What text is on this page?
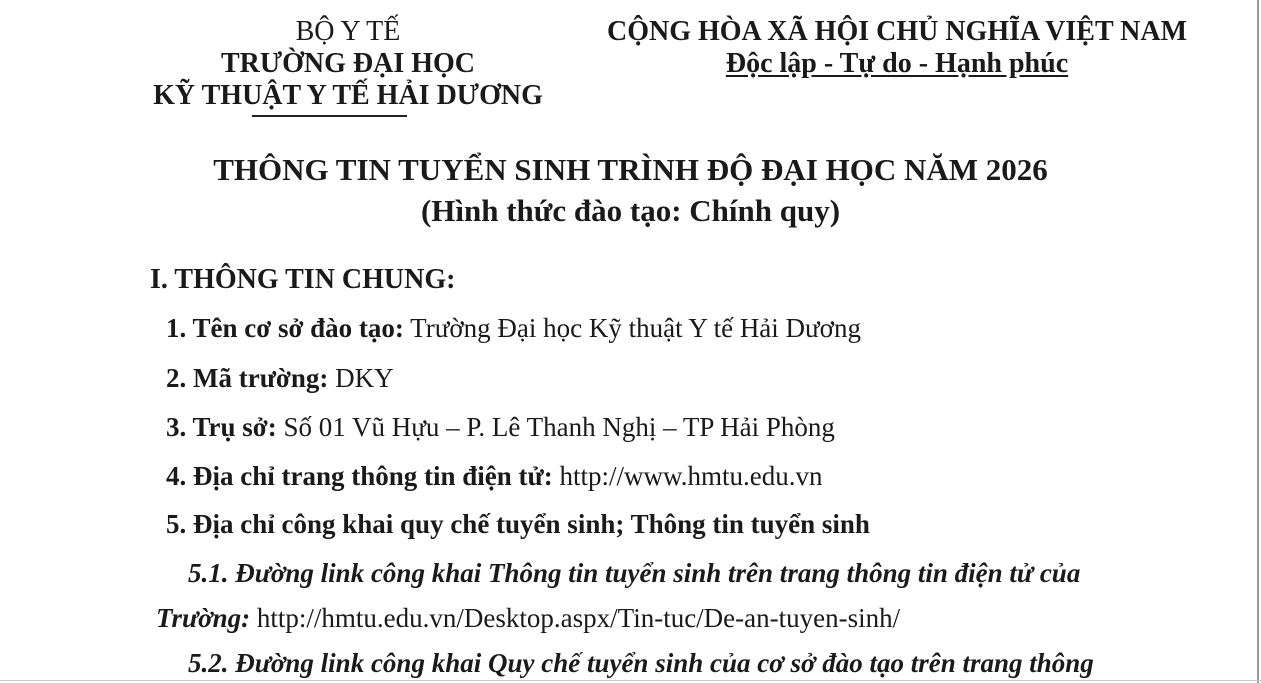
BỘ Y TẾ
TRƯỜNG ĐẠI HỌC
KỸ THUẬT Y TẾ HẢI DƯƠNG
CỘNG HÒA XÃ HỘI CHỦ NGHĨA VIỆT NAM
Độc lập - Tự do - Hạnh phúc
THÔNG TIN TUYỂN SINH TRÌNH ĐỘ ĐẠI HỌC NĂM 2026
(Hình thức đào tạo: Chính quy)
I. THÔNG TIN CHUNG:
1. Tên cơ sở đào tạo: Trường Đại học Kỹ thuật Y tế Hải Dương
2. Mã trường: DKY
3. Trụ sở: Số 01 Vũ Hựu – P. Lê Thanh Nghị – TP Hải Phòng
4. Địa chỉ trang thông tin điện tử: http://www.hmtu.edu.vn
5. Địa chỉ công khai quy chế tuyển sinh; Thông tin tuyển sinh
5.1. Đường link công khai Thông tin tuyển sinh trên trang thông tin điện tử của
Trường: http://hmtu.edu.vn/Desktop.aspx/Tin-tuc/De-an-tuyen-sinh/
5.2. Đường link công khai Quy chế tuyển sinh của cơ sở đào tạo trên trang thông
